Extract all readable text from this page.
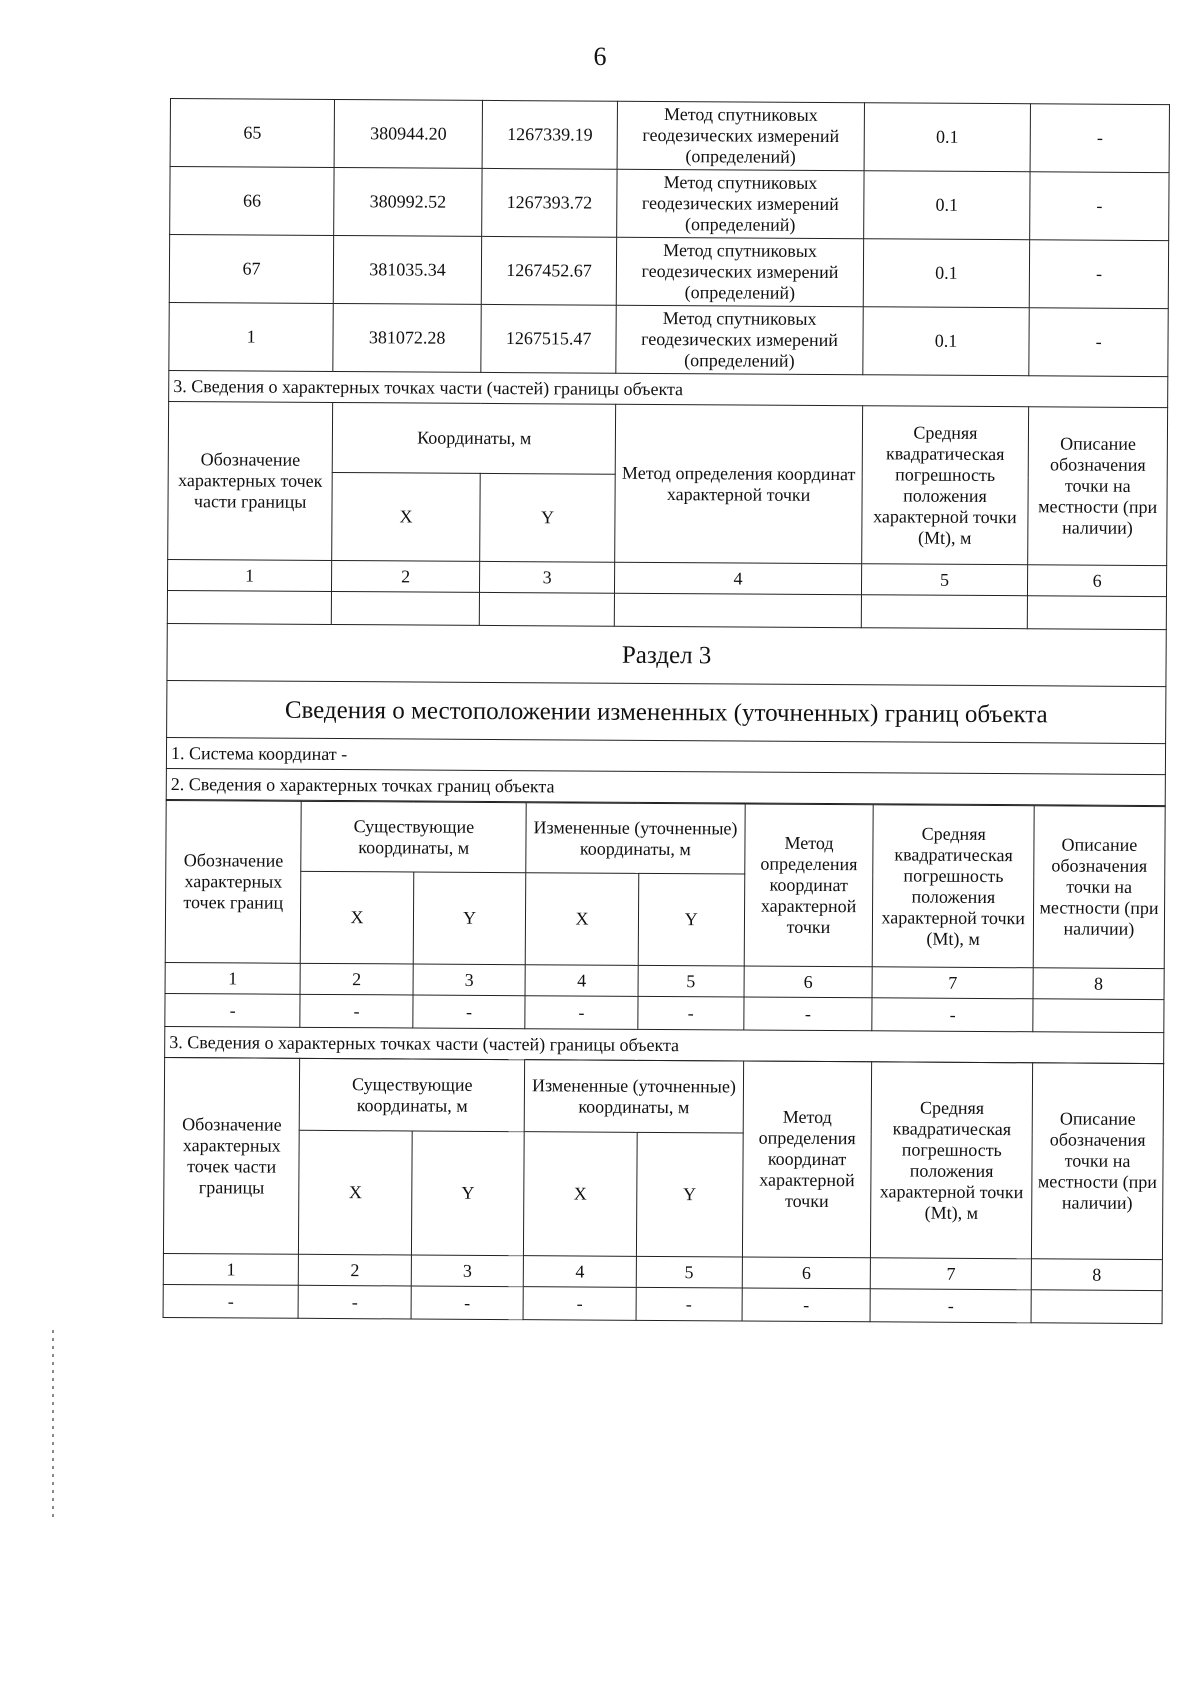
6
65	380944.20	1267339.19	Метод спутниковых геодезических измерений (определений)	0.1	-
66	380992.52	1267393.72	Метод спутниковых геодезических измерений (определений)	0.1	-
67	381035.34	1267452.67	Метод спутниковых геодезических измерений (определений)	0.1	-
1	381072.28	1267515.47	Метод спутниковых геодезических измерений (определений)	0.1	-
3. Сведения о характерных точках части (частей) границы объекта					
Обозначение характерных точек части границы	Координаты, м		Метод определения координат характерной точки	Средняя квадратическая погрешность положения характерной точки (Mt), м	Описание обозначения точки на местности (при наличии)
	X	Y			
1	2	3	4	5	6

Раздел 3
Сведения о местоположении измененных (уточненных) границ объекта
1. Система координат -
2. Сведения о характерных точках границ объекта
Обозначение характерных точек границ	Существующие координаты, м		Измененные (уточненные) координаты, м		Метод определения координат характерной точки	Средняя квадратическая погрешность положения характерной точки (Mt), м	Описание обозначения точки на местности (при наличии)
	X	Y	X	Y			
1	2	3	4	5	6	7	8
-	-	-	-	-	-	-	
3. Сведения о характерных точках части (частей) границы объекта							
Обозначение характерных точек части границы	Существующие координаты, м		Измененные (уточненные) координаты, м		Метод определения координат характерной точки	Средняя квадратическая погрешность положения характерной точки (Mt), м	Описание обозначения точки на местности (при наличии)
	X	Y	X	Y			
1	2	3	4	5	6	7	8
-	-	-	-	-	-	-	
